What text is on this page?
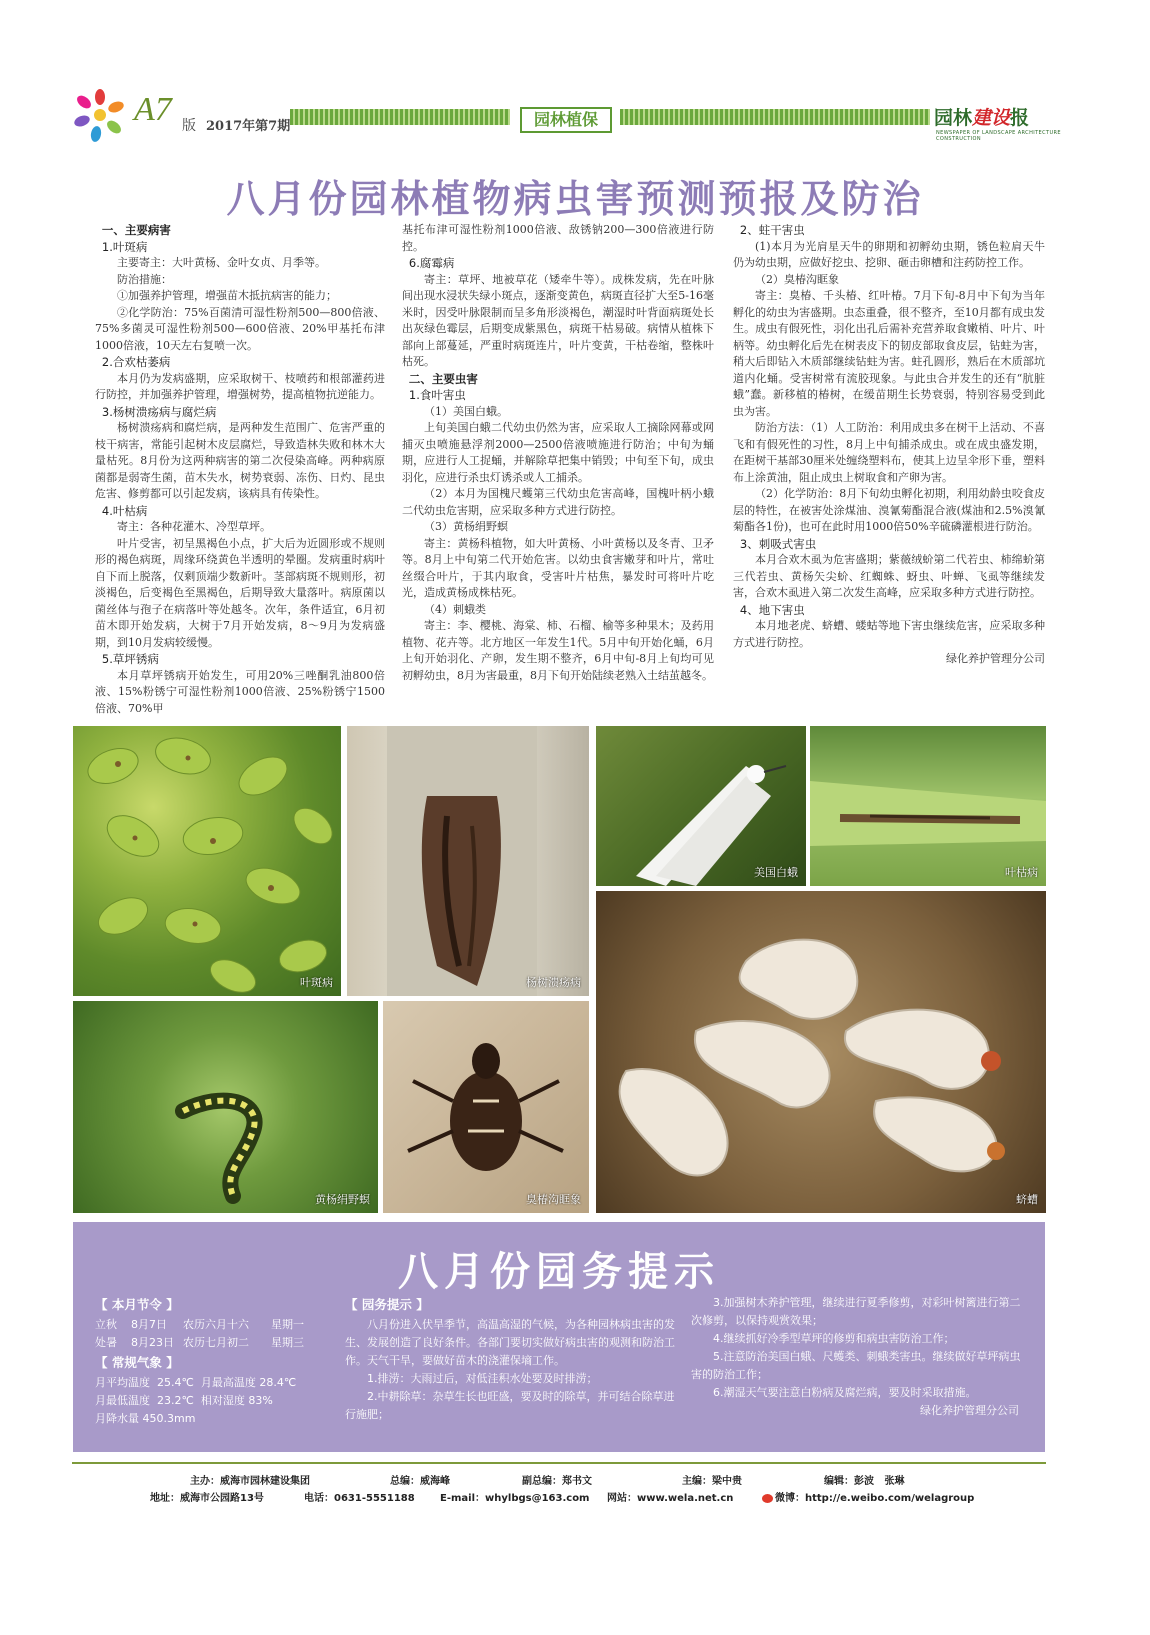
A7 版 2017年第7期	园林植保	园林建设报
NEWSPAPER OF LANDSCAPE ARCHITECTURE CONSTRUCTION
八月份园林植物病虫害预测预报及防治

一、主要病害

1.叶斑病

主要寄主：大叶黄杨、金叶女贞、月季等。

防治措施：

①加强养护管理，增强苗木抵抗病害的能力；

②化学防治：75%百菌清可湿性粉剂500—800倍液、75%多菌灵可湿性粉剂500—600倍液、20%甲基托布津1000倍液，10天左右复喷一次。

2.合欢枯萎病

本月仍为发病盛期，应采取树干、枝喷药和根部灌药进行防控，并加强养护管理，增强树势，提高植物抗逆能力。

3.杨树溃疡病与腐烂病

杨树溃疡病和腐烂病，是两种发生范围广、危害严重的枝干病害，常能引起树木皮层腐烂，导致造林失败和林木大量枯死。8月份为这两种病害的第二次侵染高峰。两种病原菌都是弱寄生菌，苗木失水，树势衰弱、冻伤、日灼、昆虫危害、修剪都可以引起发病，该病具有传染性。

4.叶枯病

寄主：各种花灌木、冷型草坪。

叶片受害，初呈黑褐色小点，扩大后为近圆形或不规则形的褐色病斑，周缘环绕黄色半透明的晕圈。发病重时病叶自下而上脱落，仅剩顶端少数新叶。茎部病斑不规则形，初淡褐色，后变褐色至黑褐色，后期导致大量落叶。病原菌以菌丝体与孢子在病落叶等处越冬。次年，条件适宜，6月初苗木即开始发病，大树于7月开始发病，8～9月为发病盛期，到10月发病较缓慢。

5.草坪锈病

本月草坪锈病开始发生，可用20%三唑酮乳油800倍液、15%粉锈宁可湿性粉剂1000倍液、25%粉锈宁1500倍液、70%甲

基托布津可湿性粉剂1000倍液、敌锈钠200—300倍液进行防控。

6.腐霉病

寄主：草坪、地被草花（矮牵牛等）。成株发病，先在叶脉间出现水浸状失绿小斑点，逐渐变黄色，病斑直径扩大至5-16毫米时，因受叶脉限制而呈多角形淡褐色，潮湿时叶背面病斑处长出灰绿色霉层，后期变成紫黑色，病斑干枯易破。病情从植株下部向上部蔓延，严重时病斑连片，叶片变黄，干枯卷缩，整株叶枯死。

二、主要虫害

1.食叶害虫

（1）美国白蛾。

上旬美国白蛾二代幼虫仍然为害，应采取人工摘除网幕或网捕灭虫喷施悬浮剂2000—2500倍液喷施进行防治；中旬为蛹期，应进行人工捉蛹，并解除草把集中销毁；中旬至下旬，成虫羽化，应进行杀虫灯诱杀或人工捕杀。

（2）本月为国槐尺蠖第三代幼虫危害高峰，国槐叶柄小蛾二代幼虫危害期，应采取多种方式进行防控。

（3）黄杨绢野螟

寄主：黄杨科植物，如大叶黄杨、小叶黄杨以及冬青、卫矛等。8月上中旬第二代开始危害。以幼虫食害嫩芽和叶片，常吐丝缀合叶片，于其内取食，受害叶片枯焦，暴发时可将叶片吃光，造成黄杨成株枯死。

（4）刺蛾类

寄主：李、樱桃、海棠、柿、石榴、榆等多种果木；及药用植物、花卉等。北方地区一年发生1代。5月中旬开始化蛹，6月上旬开始羽化、产卵，发生期不整齐，6月中旬-8月上旬均可见初孵幼虫，8月为害最重，8月下旬开始陆续老熟入土结茧越冬。

2、蛀干害虫

(1)本月为光肩星天牛的卵期和初孵幼虫期，锈色粒肩天牛仍为幼虫期，应做好挖虫、挖卵、砸击卵槽和注药防控工作。

（2）臭椿沟眶象

寄主：臭椿、千头椿、红叶椿。7月下旬-8月中下旬为当年孵化的幼虫为害盛期。虫态重叠，很不整齐，至10月都有成虫发生。成虫有假死性，羽化出孔后需补充营养取食嫩梢、叶片、叶柄等。幼虫孵化后先在树表皮下的韧皮部取食皮层，钻蛀为害，稍大后即钻入木质部继续钻蛀为害。蛀孔圆形，熟后在木质部坑道内化蛹。受害树常有流胶现象。与此虫合并发生的还有“肮脏蛾”蠢。新移植的椿树，在缓苗期生长势衰弱，特别容易受到此虫为害。

防治方法：（1）人工防治：利用成虫多在树干上活动、不喜飞和有假死性的习性，8月上中旬捕杀成虫。或在成虫盛发期，在距树干基部30厘米处缠绕塑料布，使其上边呈伞形下垂，塑料布上涂黄油，阻止成虫上树取食和产卵为害。

（2）化学防治：8月下旬幼虫孵化初期，利用幼龄虫咬食皮层的特性，在被害处涂煤油、溴氰菊酯混合液(煤油和2.5%溴氰菊酯各1份)，也可在此时用1000倍50%辛硫磷灌根进行防治。

3、刺吸式害虫

本月合欢木虱为危害盛期；紫薇绒蚧第二代若虫、柿绵蚧第三代若虫、黄杨矢尖蚧、红蜘蛛、蚜虫、叶蝉、飞虱等继续发害，合欢木虱进入第二次发生高峰，应采取多种方式进行防控。

4、地下害虫

本月地老虎、蛴螬、蝼蛄等地下害虫继续危害，应采取多种方式进行防控。

绿化养护管理分公司

叶斑病	杨树溃疡病
美国白蛾	叶枯病
黄杨绢野螟	臭椿沟眶象	蛴螬
八月份园务提示
【 本月节令 】
立秋 8月7日 农历六月十六 星期一
处暑 8月23日 农历七月初二 星期三
【 常规气象 】
月平均温度  25.4℃  月最高温度 28.4℃
月最低温度  23.2℃  相对湿度 83%
月降水量 450.3mm
【 园务提示 】
八月份进入伏旱季节，高温高湿的气候，为各种园林病虫害的发生、发展创造了良好条件。各部门要切实做好病虫害的观测和防治工作。天气干旱，要做好苗木的浇灌保墒工作。
1.排涝：大雨过后，对低洼积水处要及时排涝；
2.中耕除草：杂草生长也旺盛，要及时的除草，并可结合除草进行施肥；
3.加强树木养护管理，继续进行夏季修剪，对彩叶树篱进行第二次修剪，以保持观赏效果；
4.继续抓好冷季型草坪的修剪和病虫害防治工作；
5.注意防治美国白蛾、尺蠖类、刺蛾类害虫。继续做好草坪病虫害的防治工作；
6.潮湿天气要注意白粉病及腐烂病，要及时采取措施。
绿化养护管理分公司
主办：威海市园林建设集团	总编：威海峰	副总编：郑书文	主编：梁中贵	编辑：彭波   张琳
地址：威海市公园路13号	电话：0631-5551188	E-mail：whylbgs@163.com 网站：www.wela.net.cn	微博：http://e.weibo.com/welagroup
